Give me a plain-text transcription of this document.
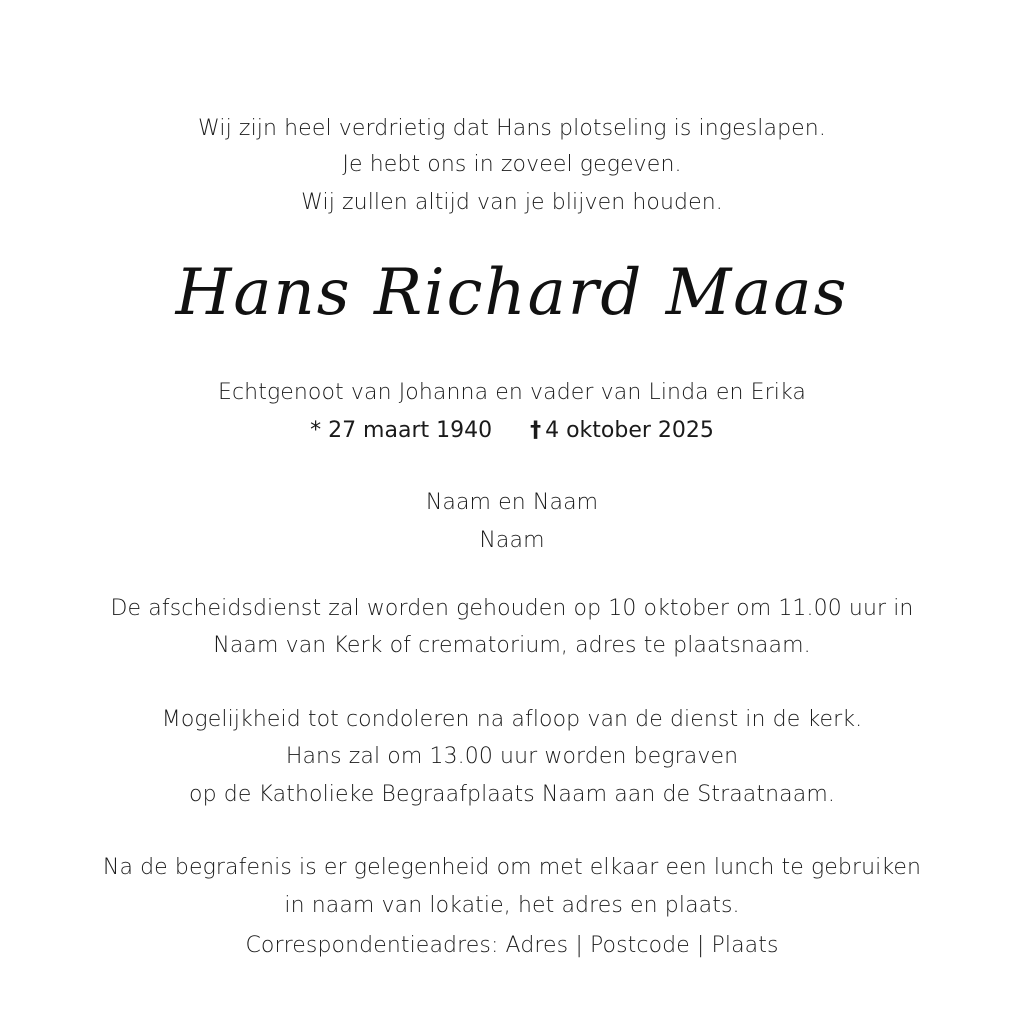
Wij zijn heel verdrietig dat Hans plotseling is ingeslapen.
Je hebt ons in zoveel gegeven.
Wij zullen altijd van je blijven houden.
Hans Richard Maas
Echtgenoot van Johanna en vader van Linda en Erika
* 27 maart 1940 † 4 oktober 2025
Naam en Naam
Naam
De afscheidsdienst zal worden gehouden op 10 oktober om 11.00 uur in
Naam van Kerk of crematorium, adres te plaatsnaam.
Mogelijkheid tot condoleren na afloop van de dienst in de kerk.
Hans zal om 13.00 uur worden begraven
op de Katholieke Begraafplaats Naam aan de Straatnaam.
Na de begrafenis is er gelegenheid om met elkaar een lunch te gebruiken
in naam van lokatie, het adres en plaats.
Correspondentieadres: Adres | Postcode | Plaats
